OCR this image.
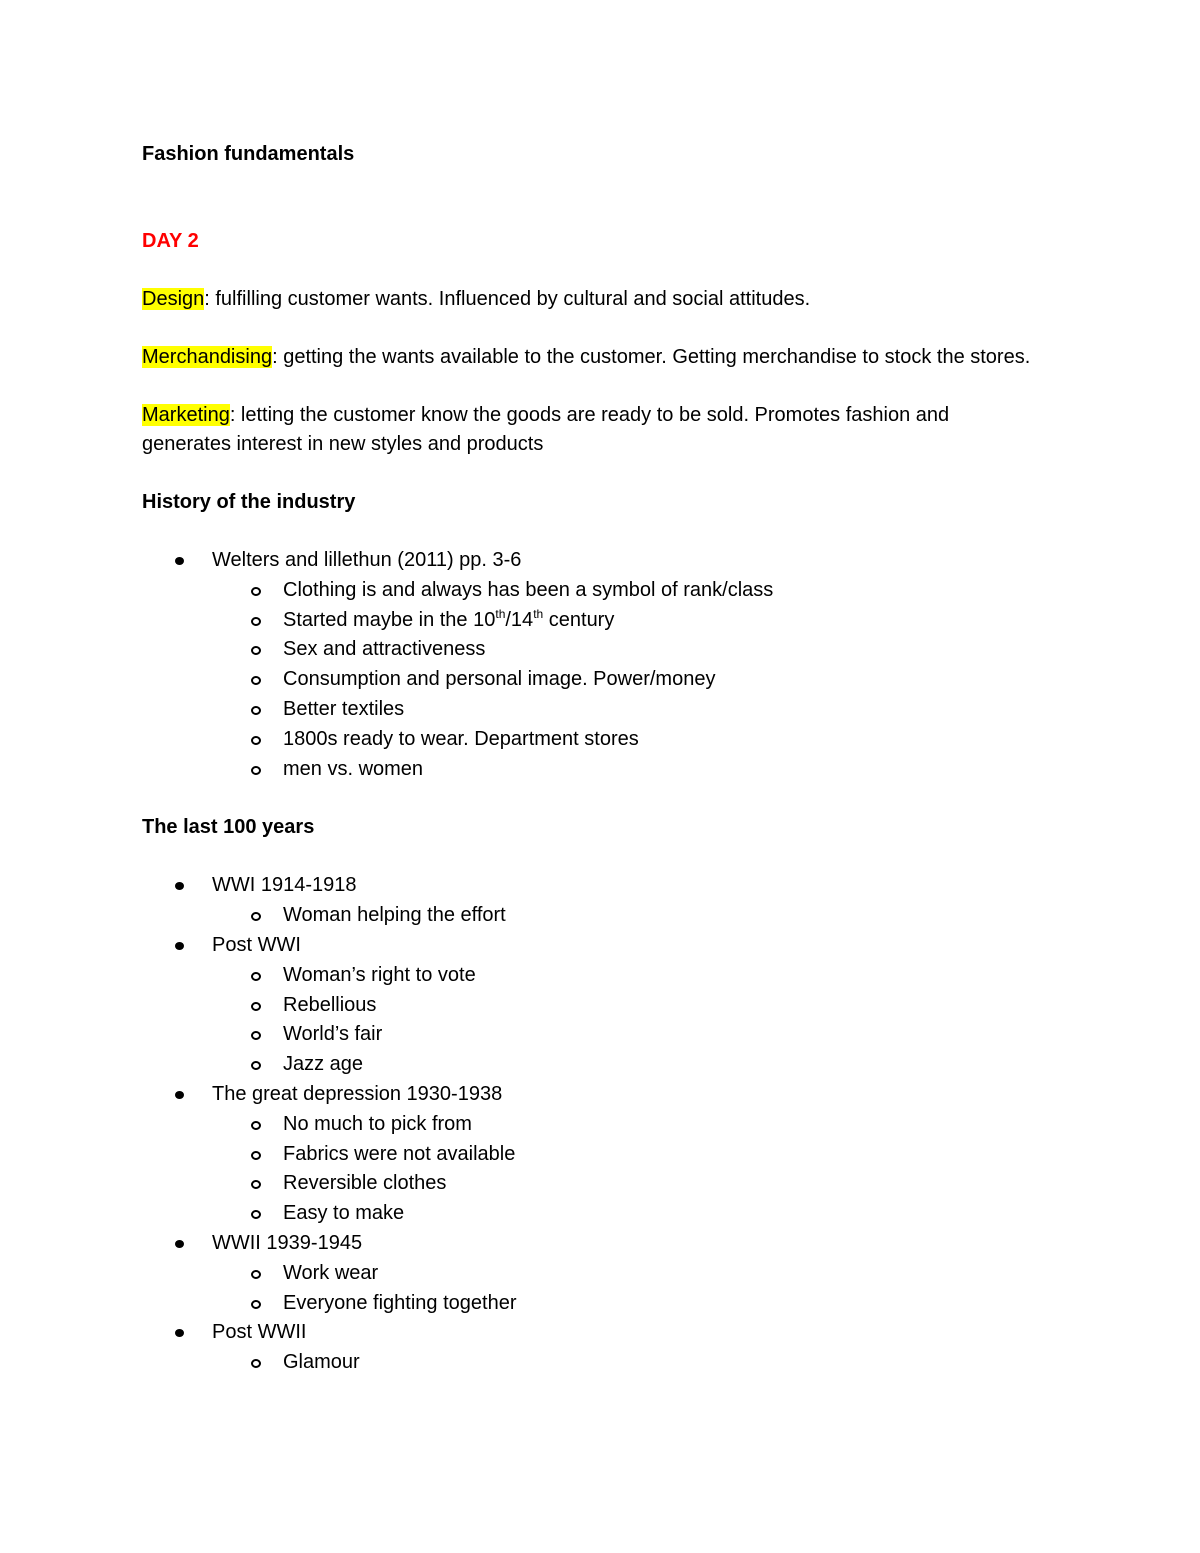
Fashion fundamentals

DAY 2

Design: fulfilling customer wants. Influenced by cultural and social attitudes.

Merchandising: getting the wants available to the customer. Getting merchandise to stock the stores.

Marketing: letting the customer know the goods are ready to be sold. Promotes fashion and generates interest in new styles and products

History of the industry

Welters and lillethun (2011) pp. 3-6
Clothing is and always has been a symbol of rank/class
Started maybe in the 10th/14th century
Sex and attractiveness
Consumption and personal image. Power/money
Better textiles
1800s ready to wear. Department stores
men vs. women

The last 100 years

WWI 1914-1918
Woman helping the effort
Post WWI
Woman’s right to vote
Rebellious
World’s fair
Jazz age
The great depression 1930-1938
No much to pick from
Fabrics were not available
Reversible clothes
Easy to make
WWII 1939-1945
Work wear
Everyone fighting together
Post WWII
Glamour
